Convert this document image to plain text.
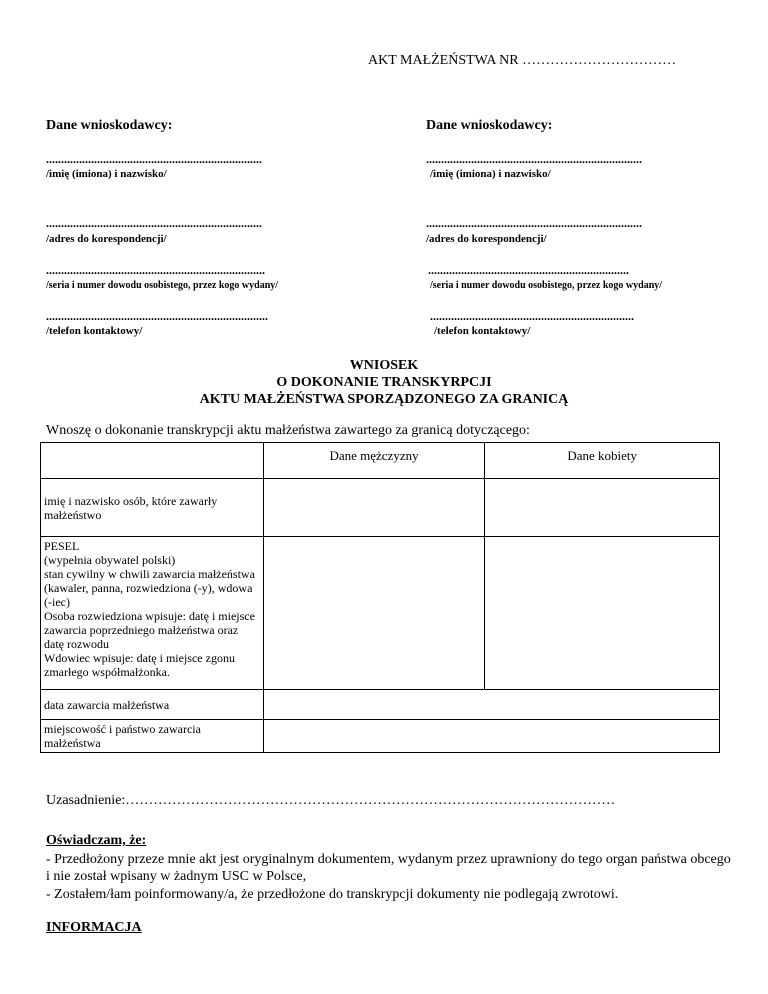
AKT MAŁŻEŃSTWA NR ……………………………
Dane wnioskodawcy:
........................................................................
/imię (imiona) i nazwisko/
........................................................................
/adres do korespondencji/
.........................................................................
/seria i numer dowodu osobistego, przez kogo wydany/
..........................................................................
/telefon kontaktowy/
Dane wnioskodawcy:
........................................................................
/imię (imiona) i nazwisko/
........................................................................
/adres do korespondencji/
...................................................................
/seria i numer dowodu osobistego, przez kogo wydany/
....................................................................
/telefon kontaktowy/
WNIOSEK
O DOKONANIE TRANSKYRPCJI
AKTU MAŁŻEŃSTWA SPORZĄDZONEGO ZA GRANICĄ
Wnoszę o dokonanie transkrypcji aktu małżeństwa zawartego za granicą dotyczącego:
	Dane mężczyzny	Dane kobiety
imię i nazwisko osób, które zawarły małżeństwo		
PESEL
(wypełnia obywatel polski)
stan cywilny w chwili zawarcia małżeństwa (kawaler, panna, rozwiedziona (-y), wdowa (-iec)
Osoba rozwiedziona wpisuje: datę i miejsce zawarcia poprzedniego małżeństwa oraz datę rozwodu
Wdowiec wpisuje: datę i miejsce zgonu zmarłego współmałżonka.		
data zawarcia małżeństwa		
miejscowość i państwo zawarcia małżeństwa		
Uzasadnienie:……………………………………………………………………………………………
Oświadczam, że:
- Przedłożony przeze mnie akt jest oryginalnym dokumentem, wydanym przez uprawniony do tego organ państwa obcego i nie został wpisany w żadnym USC w Polsce,
- Zostałem/łam poinformowany/a, że przedłożone do transkrypcji dokumenty nie podlegają zwrotowi.
INFORMACJA
